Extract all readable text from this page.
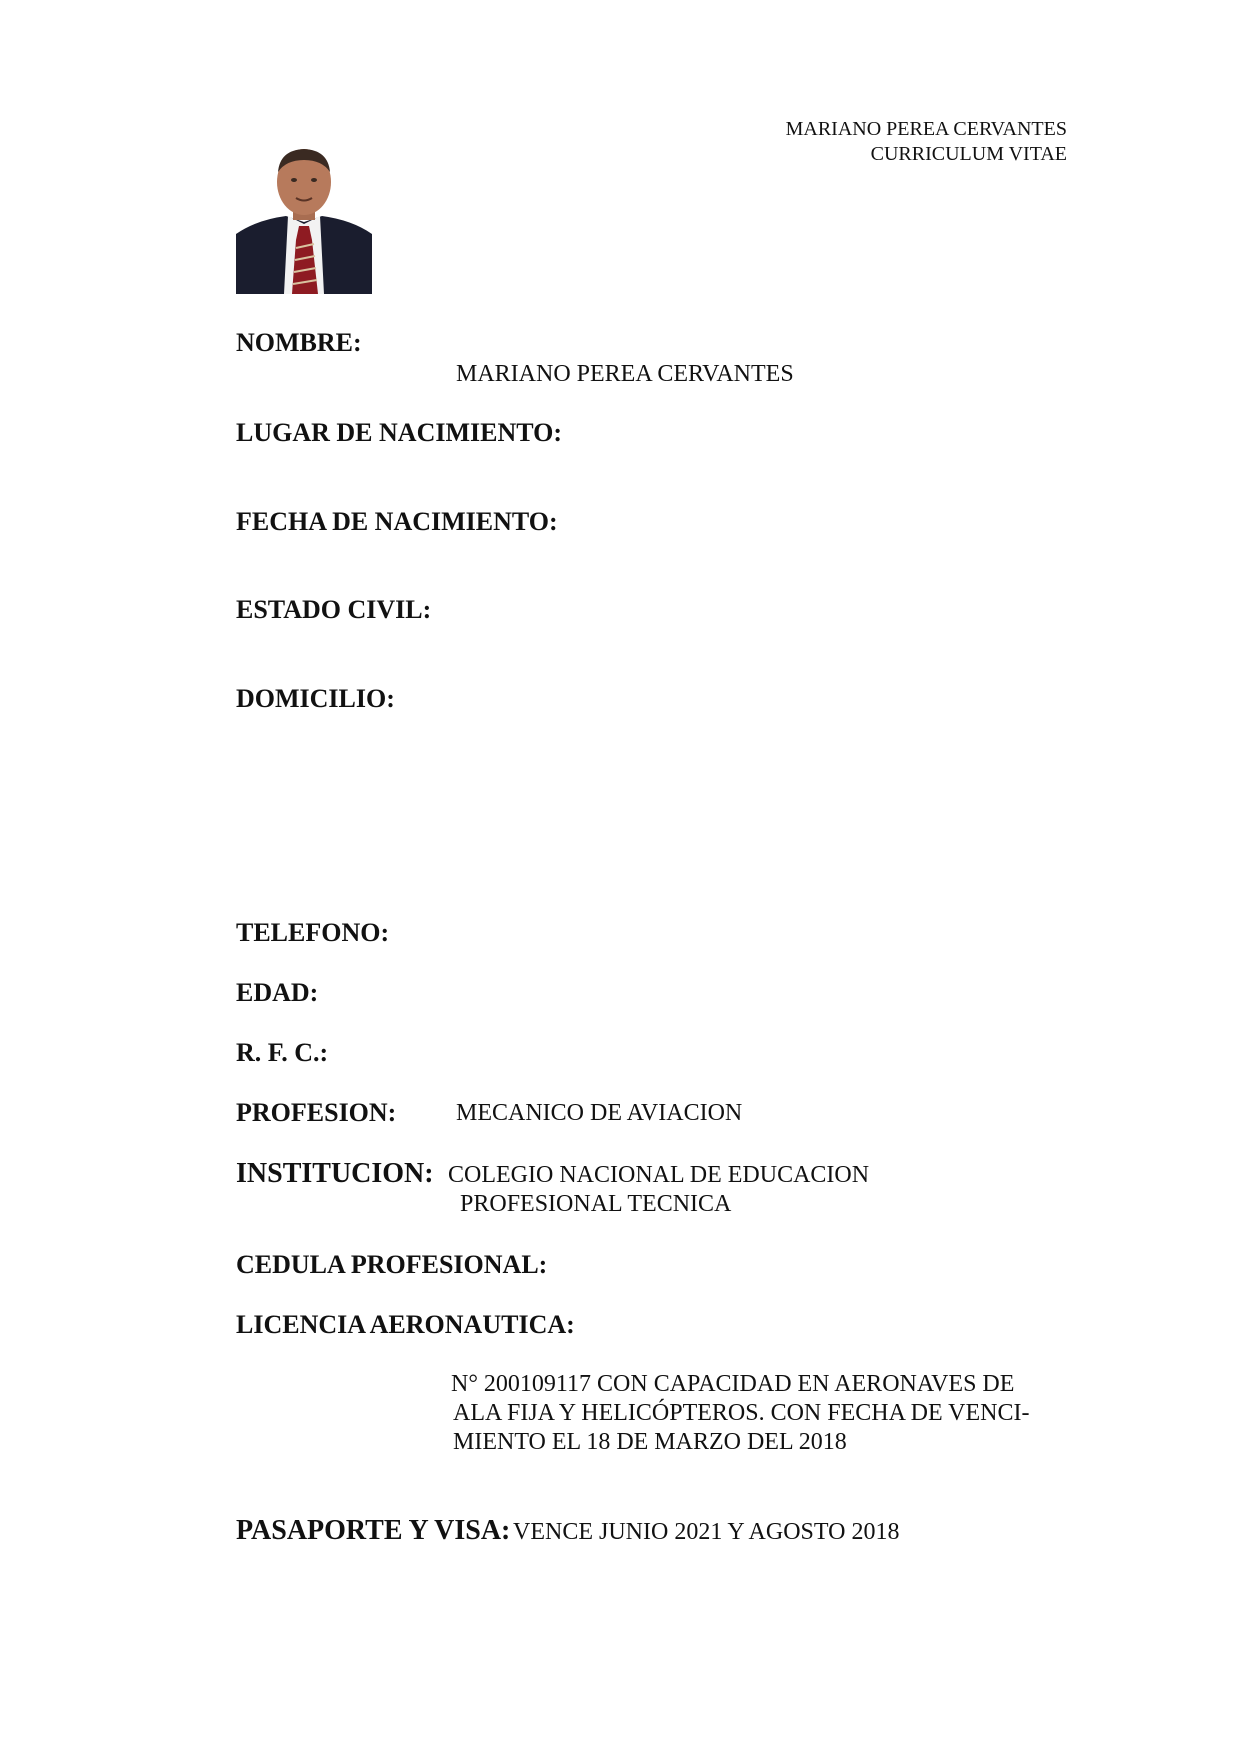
MARIANO PEREA CERVANTES
CURRICULUM VITAE
NOMBRE:
MARIANO PEREA CERVANTES
LUGAR DE NACIMIENTO:
FECHA DE NACIMIENTO:
ESTADO CIVIL:
DOMICILIO:
TELEFONO:
EDAD:
R. F. C.:
PROFESION: MECANICO DE AVIACION
INSTITUCION: COLEGIO NACIONAL DE EDUCACION
PROFESIONAL TECNICA
CEDULA PROFESIONAL:
LICENCIA AERONAUTICA:
N° 200109117 CON CAPACIDAD EN AERONAVES DE
ALA FIJA Y HELICÓPTEROS. CON FECHA DE VENCI-
MIENTO EL 18 DE MARZO DEL 2018
PASAPORTE Y VISA: VENCE JUNIO 2021 Y AGOSTO 2018
